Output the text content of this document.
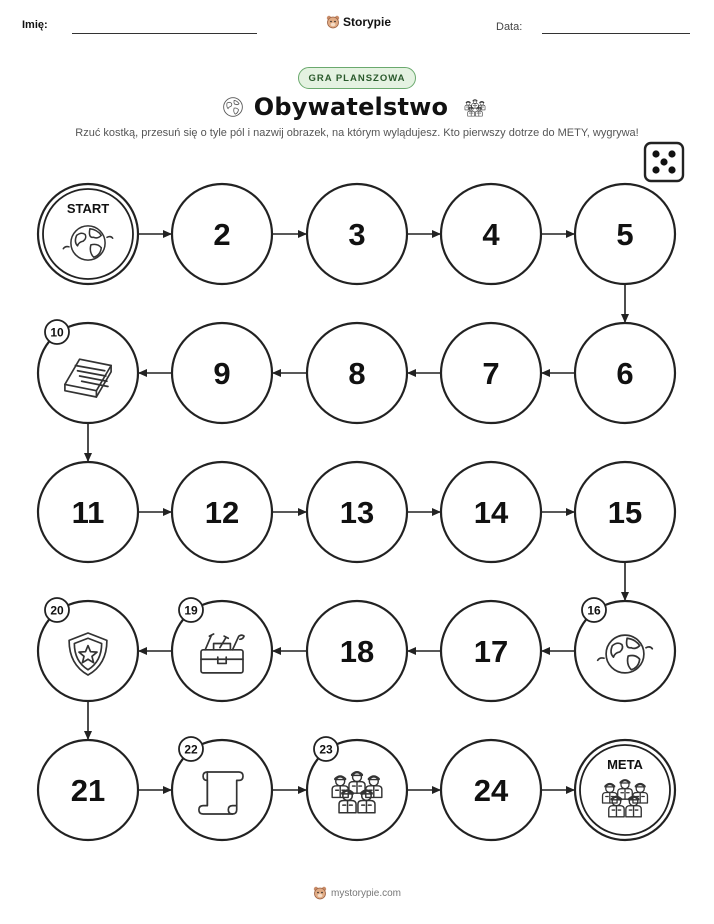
Imię:	Storypie	Data:
GRA PLANSZOWA
Obywatelstwo
Rzuć kostką, przesuń się o tyle pól i nazwij obrazek, na którym wylądujesz. Kto pierwszy dotrze do METY, wygrywa!
START
2	3	4	5
6
7
8
9
10
11	12	13	14	15
16
17
18
19
20
21
22	23
24
META
mystorypie.com
